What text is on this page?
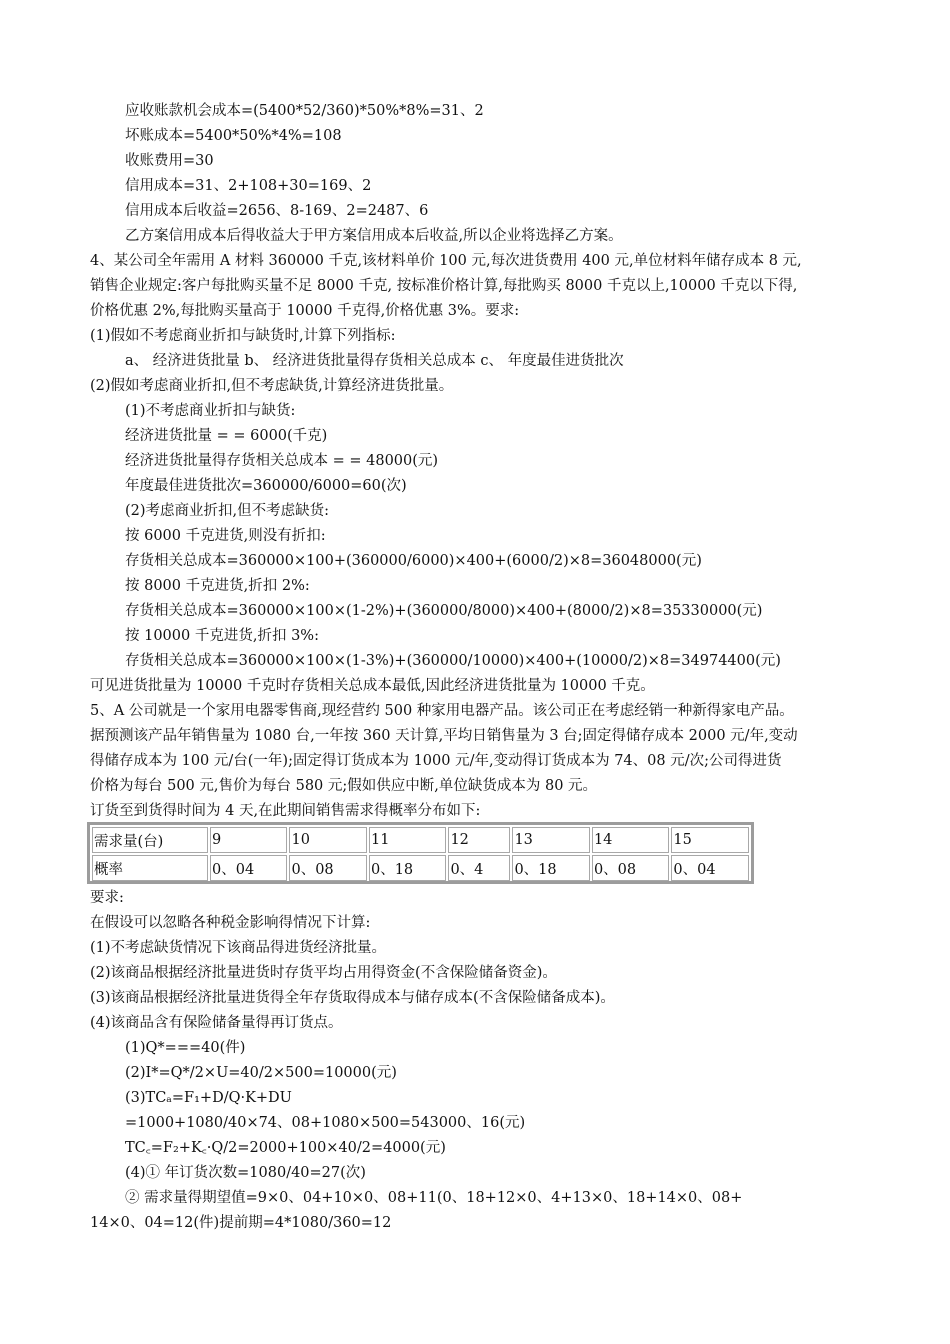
应收账款机会成本=(5400*52/360)*50%*8%=31、2
坏账成本=5400*50%*4%=108
收账费用=30
信用成本=31、2+108+30=169、2
信用成本后收益=2656、8-169、2=2487、6
乙方案信用成本后得收益大于甲方案信用成本后收益,所以企业将选择乙方案。
4、某公司全年需用 A 材料 360000 千克,该材料单价 100 元,每次进货费用 400 元,单位材料年储存成本 8 元,
销售企业规定:客户每批购买量不足 8000 千克, 按标准价格计算,每批购买 8000 千克以上,10000 千克以下得,
价格优惠 2%,每批购买量高于 10000 千克得,价格优惠 3%。要求:
(1)假如不考虑商业折扣与缺货时,计算下列指标:
a、 经济进货批量 b、 经济进货批量得存货相关总成本 c、 年度最佳进货批次
(2)假如考虑商业折扣,但不考虑缺货,计算经济进货批量。
(1)不考虑商业折扣与缺货:
经济进货批量 = = 6000(千克)
经济进货批量得存货相关总成本 = = 48000(元)
年度最佳进货批次=360000/6000=60(次)
(2)考虑商业折扣,但不考虑缺货:
按 6000 千克进货,则没有折扣:
存货相关总成本=360000×100+(360000/6000)×400+(6000/2)×8=36048000(元)
按 8000 千克进货,折扣 2%:
存货相关总成本=360000×100×(1-2%)+(360000/8000)×400+(8000/2)×8=35330000(元)
按 10000 千克进货,折扣 3%:
存货相关总成本=360000×100×(1-3%)+(360000/10000)×400+(10000/2)×8=34974400(元)
可见进货批量为 10000 千克时存货相关总成本最低,因此经济进货批量为 10000 千克。
5、A 公司就是一个家用电器零售商,现经营约 500 种家用电器产品。该公司正在考虑经销一种新得家电产品。
据预测该产品年销售量为 1080 台,一年按 360 天计算,平均日销售量为 3 台;固定得储存成本 2000 元/年,变动
得储存成本为 100 元/台(一年);固定得订货成本为 1000 元/年,变动得订货成本为 74、08 元/次;公司得进货
价格为每台 500 元,售价为每台 580 元;假如供应中断,单位缺货成本为 80 元。
订货至到货得时间为 4 天,在此期间销售需求得概率分布如下:
需求量(台)	9	10	11	12	13	14	15
概率	0、04	0、08	0、18	0、4	0、18	0、08	0、04
要求:
在假设可以忽略各种税金影响得情况下计算:
(1)不考虑缺货情况下该商品得进货经济批量。
(2)该商品根据经济批量进货时存货平均占用得资金(不含保险储备资金)。
(3)该商品根据经济批量进货得全年存货取得成本与储存成本(不含保险储备成本)。
(4)该商品含有保险储备量得再订货点。
(1)Q*===40(件)
(2)I*=Q*/2×U=40/2×500=10000(元)
(3)TCₐ=F₁+D/Q·K+DU
=1000+1080/40×74、08+1080×500=543000、16(元)
TC꜀=F₂+K꜀·Q/2=2000+100×40/2=4000(元)
(4)① 年订货次数=1080/40=27(次)
② 需求量得期望值=9×0、04+10×0、08+11(0、18+12×0、4+13×0、18+14×0、08+
14×0、04=12(件)提前期=4*1080/360=12
